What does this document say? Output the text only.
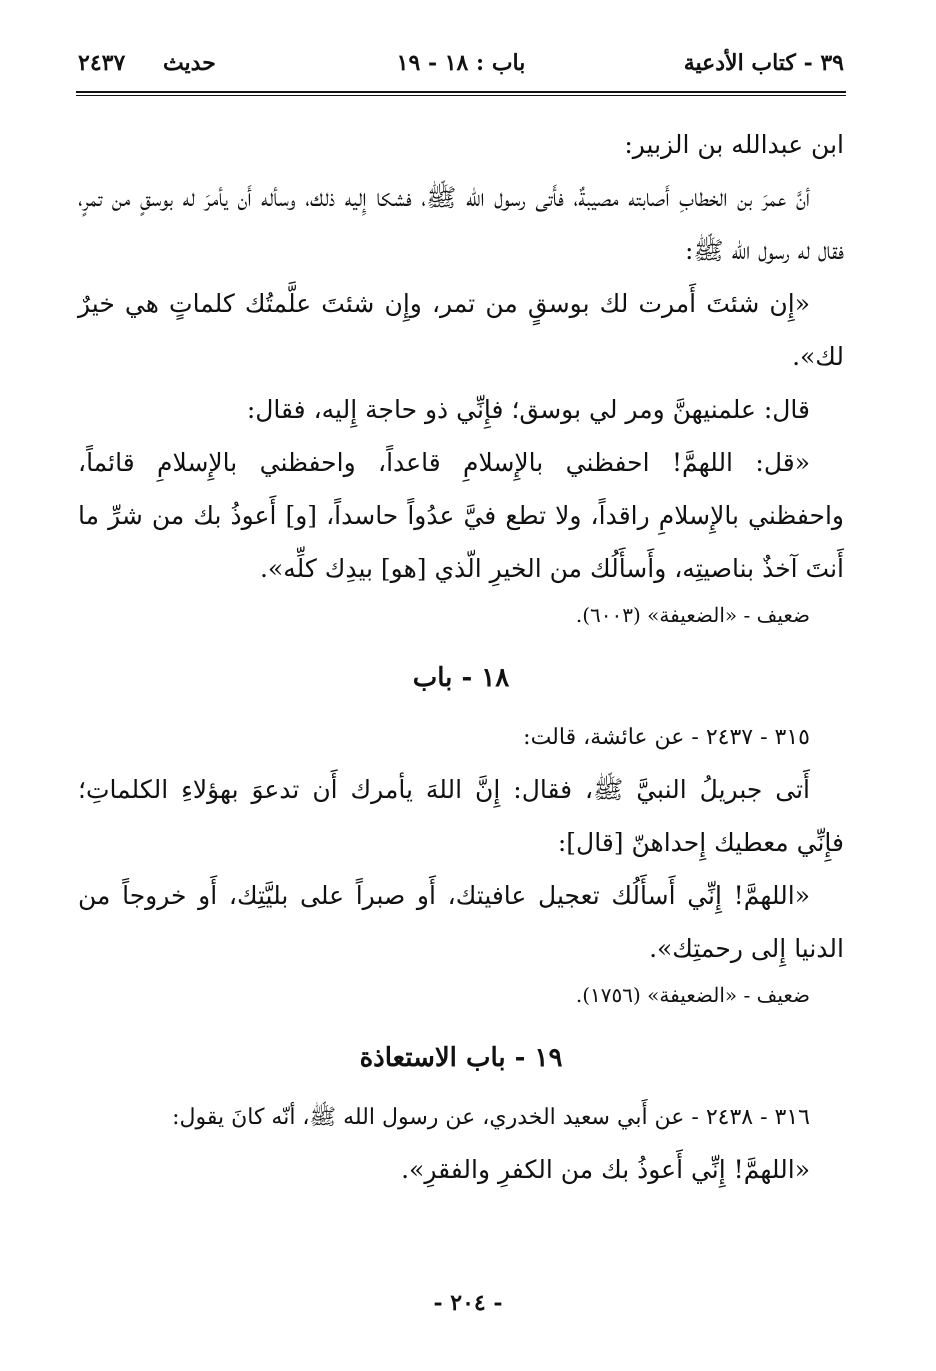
٣٩ - كتاب الأدعية
باب : ١٨ - ١٩
حديث ٢٤٣٧

ابن عبدالله بن الزبير:

أنَّ عمرَ بن الخطابِ أَصابته مصيبةٌ، فأَتى رسول الله ﷺ، فشكا إِليه ذلك، وسأله أَن يأمرَ له بوسقٍ من تمرٍ، فقال له رسول الله ﷺ:

«إِن شئتَ أَمرت لك بوسقٍ من تمر، وإِن شئتَ علَّمتُك كلماتٍ هي خيرٌ لك».

قال: علمنيهنَّ ومر لي بوسق؛ فإِنِّي ذو حاجة إِليه، فقال:

«قل: اللهمَّ! احفظني بالإِسلامِ قاعداً، واحفظني بالإِسلامِ قائماً، واحفظني بالإِسلامِ راقداً، ولا تطع فيَّ عدُواً حاسداً، [و] أَعوذُ بك من شرِّ ما أَنتَ آخذٌ بناصيتِه، وأَسأَلُك من الخيرِ الّذي [هو] بيدِك كلِّه».

ضعيف - «الضعيفة» (٦٠٠٣).

١٨ - باب

٣١٥ - ٢٤٣٧ - عن عائشة، قالت:

أَتى جبريلُ النبيَّ ﷺ، فقال: إِنَّ اللهَ يأمرك أَن تدعوَ بهؤلاءِ الكلماتِ؛ فإِنِّي معطيك إِحداهنّ [قال]:

«اللهمَّ! إِنِّي أَسأَلُك تعجيل عافيتك، أَو صبراً على بليَّتِك، أَو خروجاً من الدنيا إِلى رحمتِك».

ضعيف - «الضعيفة» (١٧٥٦).

١٩ - باب الاستعاذة

٣١٦ - ٢٤٣٨ - عن أَبي سعيد الخدري، عن رسول الله ﷺ، أنّه كانَ يقول:

«اللهمَّ! إِنِّي أَعوذُ بك من الكفرِ والفقرِ».

- ٢٠٤ -
